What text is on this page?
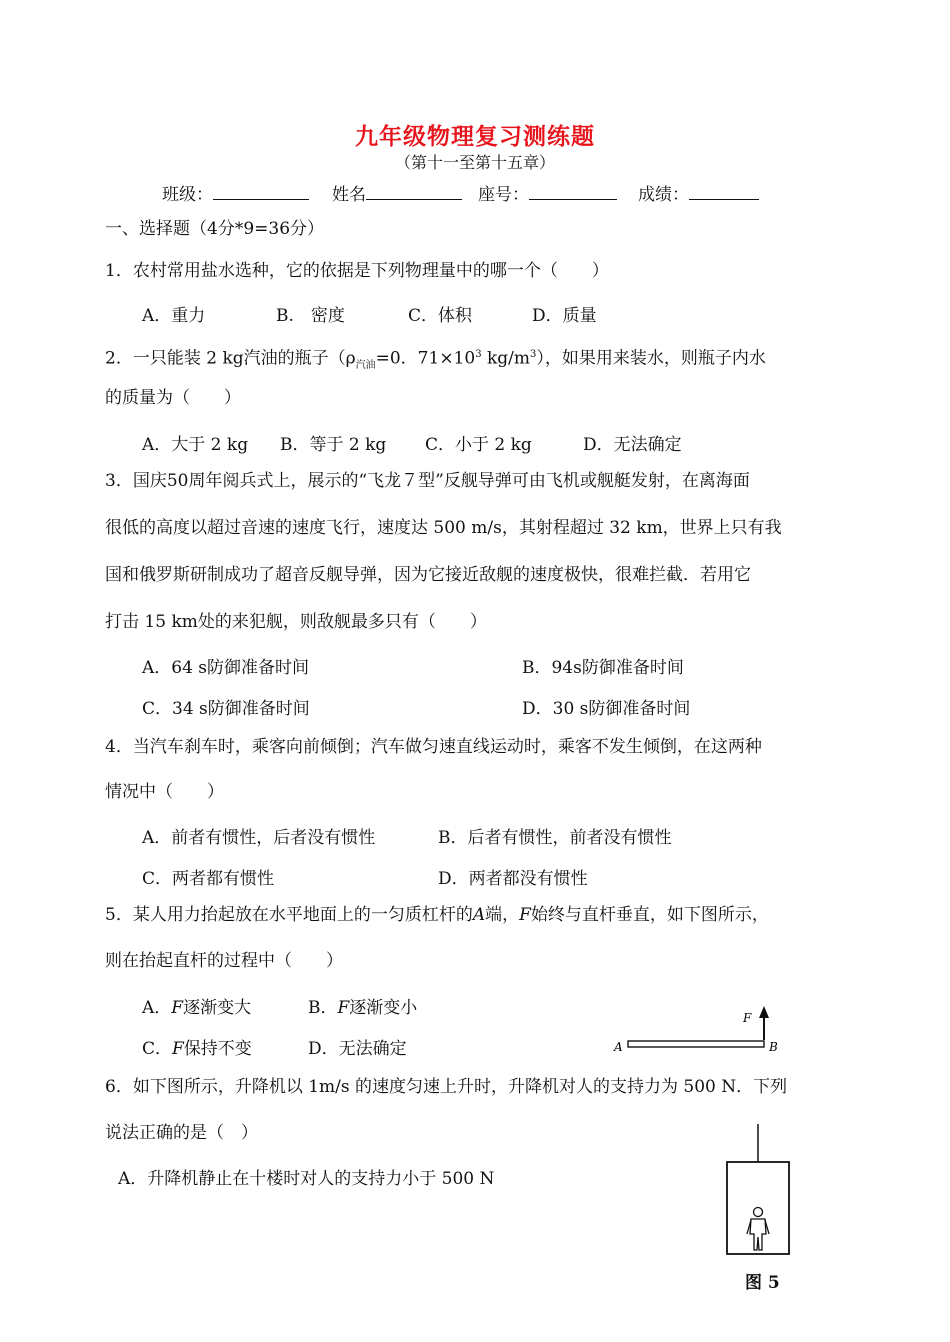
九年级物理复习测练题
（第十一至第十五章）
班级：	姓名	座号：	成绩：
一、选择题（4分*9=36分）
1．农村常用盐水选种，它的依据是下列物理量中的哪一个（　　）
A．重力	B.　密度	C．体积	D．质量
2．一只能装 2 kg汽油的瓶子（$\rho_{汽油}=0$．$71\times 10^3$ $kg/m^3$），如果用来装水，则瓶子内水
的质量为（　　）
A．大于 2 kg B．等于 2 kg C．小于 2 kg	D．无法确定
3．国庆50周年阅兵式上，展示的“飞龙７型”反舰导弹可由飞机或舰艇发射，在离海面
很低的高度以超过音速的速度飞行，速度达 500 m/s，其射程超过 32 km，世界上只有我
国和俄罗斯研制成功了超音反舰导弹，因为它接近敌舰的速度极快，很难拦截．若用它
打击 15 km处的来犯舰，则敌舰最多只有（　　）
A．64 s防御准备时间	B．94s防御准备时间
C．34 s防御准备时间	D．30 s防御准备时间
4．当汽车刹车时，乘客向前倾倒；汽车做匀速直线运动时，乘客不发生倾倒，在这两种
情况中（　　）
A．前者有惯性，后者没有惯性	B．后者有惯性，前者没有惯性
C．两者都有惯性	D．两者都没有惯性
5．某人用力抬起放在水平地面上的一匀质杠杆的A端，F始终与直杆垂直，如下图所示，
则在抬起直杆的过程中（　　）
A．F逐渐变大	B．F逐渐变小
C．F保持不变	D．无法确定	A	B
F
6．如下图所示，升降机以 1m/s 的速度匀速上升时，升降机对人的支持力为 500 N．下列
说法正确的是（　）
A．升降机静止在十楼时对人的支持力小于 500 N
图 5
